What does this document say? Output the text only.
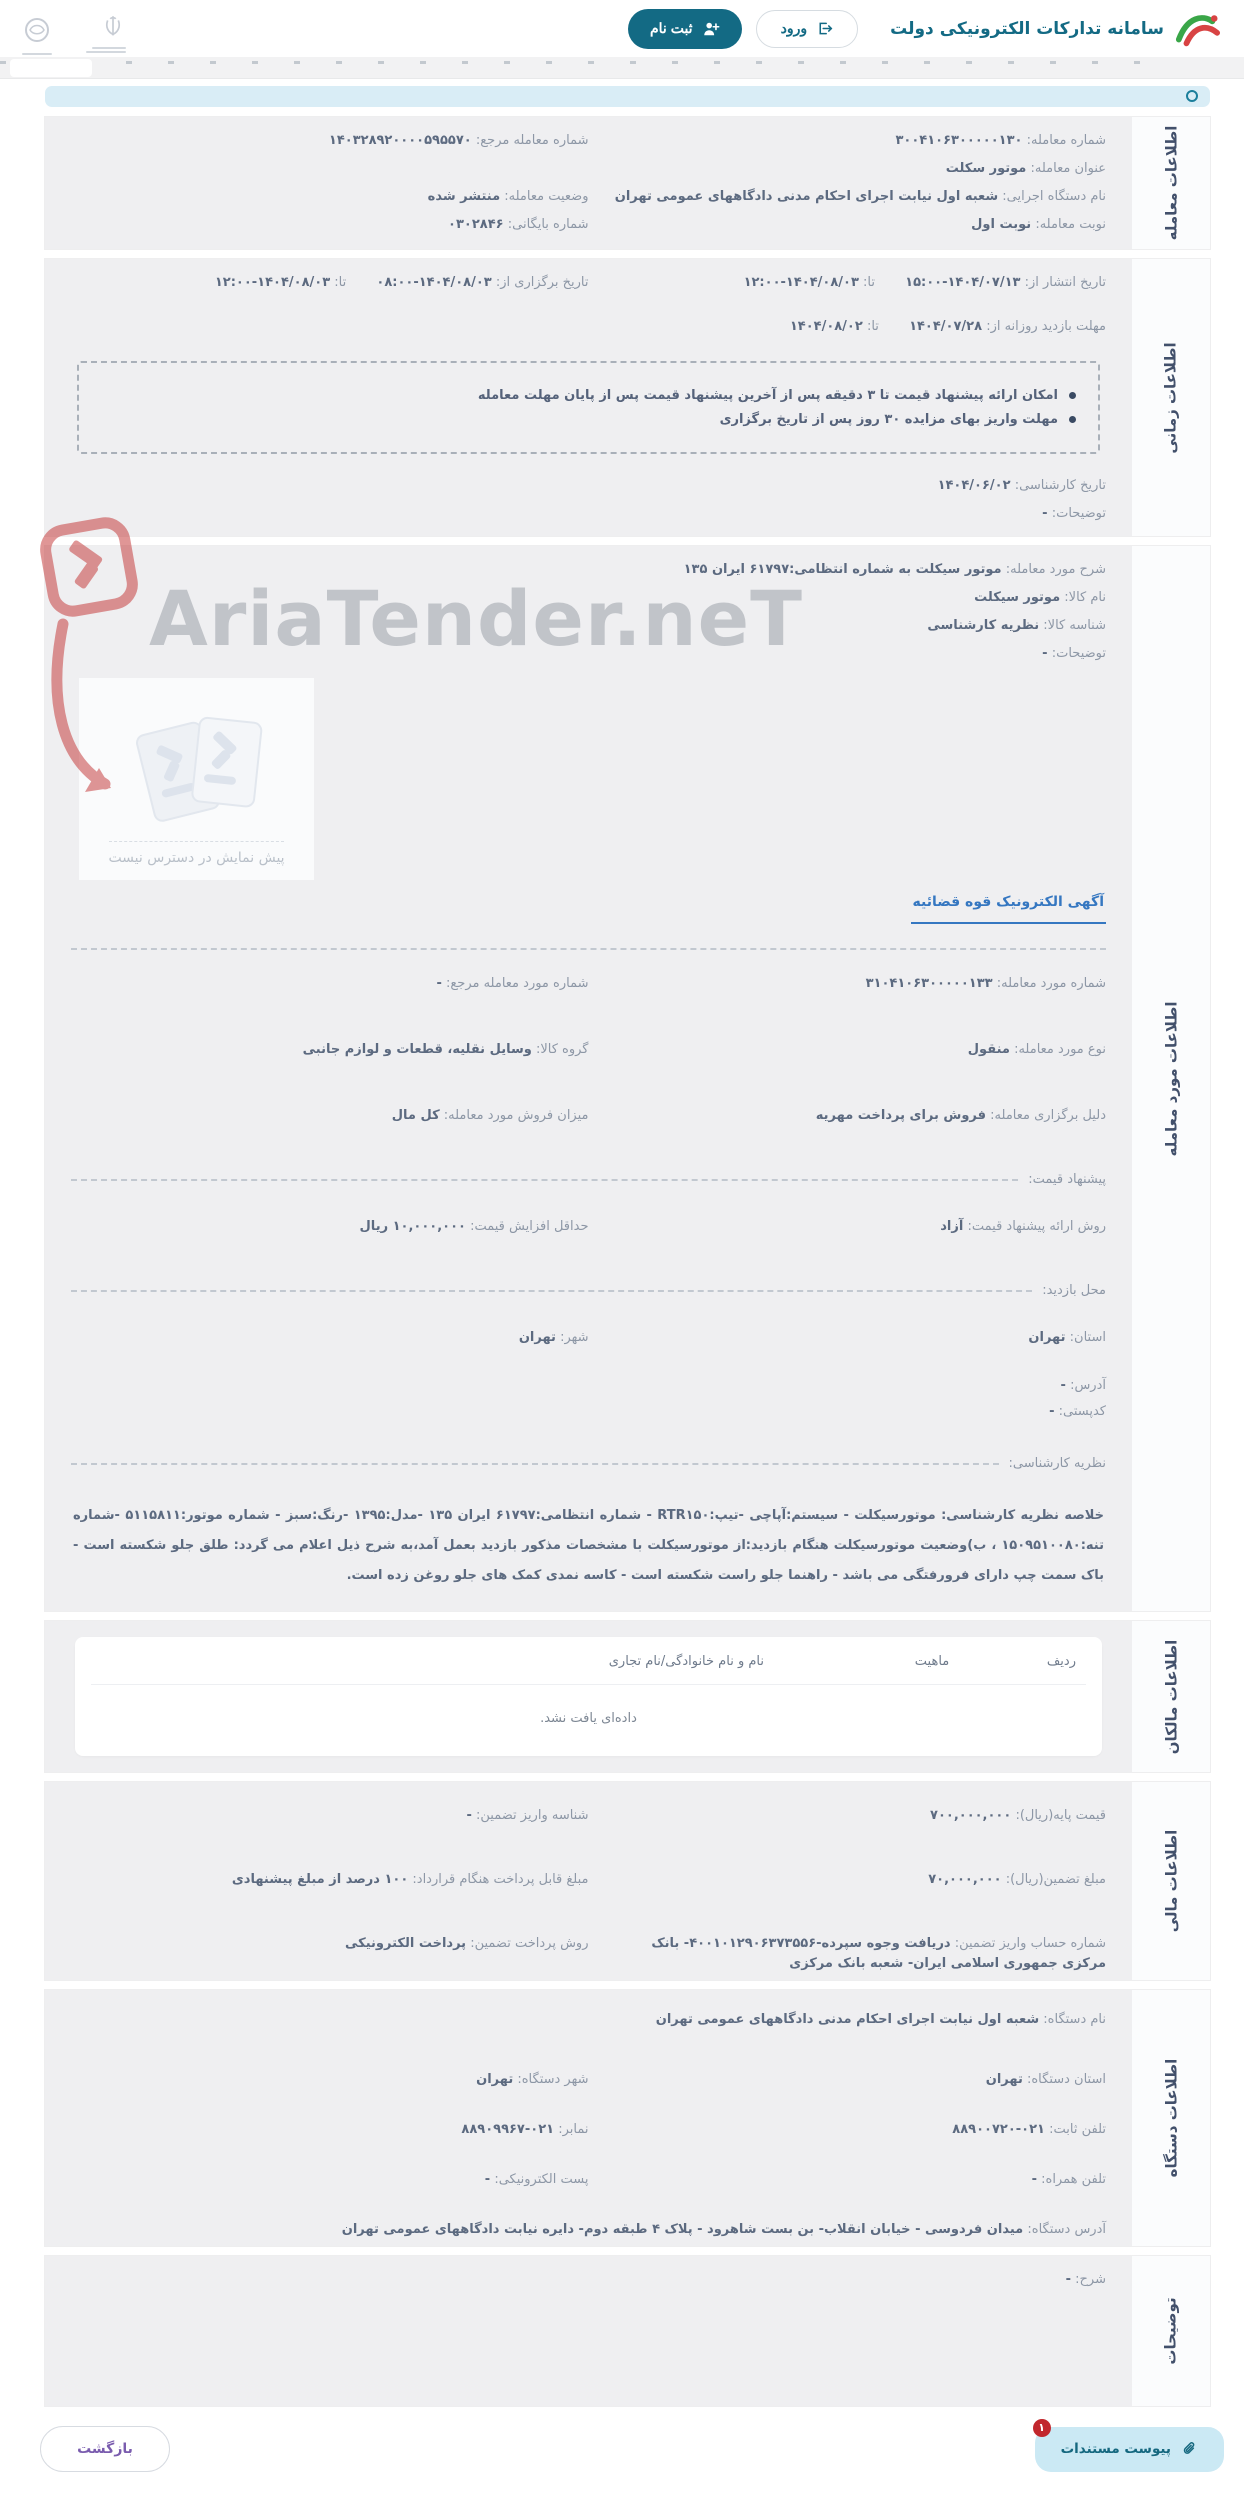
سامانه تدارکات الکترونیکی دولت
ورود
ثبت نام
اطلاعات معامله
شماره معامله: ۳۰۰۴۱۰۶۳۰۰۰۰۰۱۳۰
شماره معامله مرجع: ۱۴۰۳۲۸۹۲۰۰۰۰۵۹۵۵۷۰
عنوان معامله: موتور سکلت
نام دستگاه اجرایی: شعبه اول نیابت اجرای احکام مدنی دادگاههای عمومی تهران
وضعیت معامله: منتشر شده
نوبت معامله: نوبت اول
شماره بایگانی: ۰۳۰۲۸۴۶
اطلاعات زمانی
تاریخ انتشار از: ۱۴۰۴/۰۷/۱۳-۱۵:۰۰ تا: ۱۴۰۴/۰۸/۰۳-۱۲:۰۰
تاریخ برگزاری از: ۱۴۰۴/۰۸/۰۳-۰۸:۰۰ تا: ۱۴۰۴/۰۸/۰۳-۱۲:۰۰
مهلت بازدید روزانه از: ۱۴۰۴/۰۷/۲۸ تا: ۱۴۰۴/۰۸/۰۲
امکان ارائه پیشنهاد قیمت تا ۳ دقیقه پس از آخرین پیشنهاد قیمت پس از پایان مهلت معامله
مهلت واریز بهای مزایده ۳۰ روز پس از تاریخ برگزاری
تاریخ کارشناسی: ۱۴۰۴/۰۶/۰۲
توضیحات: -
اطلاعات مورد معامله
AriaTender.neT
شرح مورد معامله: موتور سیکلت به شماره انتظامی:۶۱۷۹۷ ایران ۱۳۵
نام کالا: موتور سیکلت
شناسه کالا: نظریه کارشناسی
توضیحات: -
پیش نمایش در دسترس نیست
آگهی الکترونیک قوه قضائیه
شماره مورد معامله: ۳۱۰۴۱۰۶۳۰۰۰۰۰۱۳۳
شماره مورد معامله مرجع: -
نوع مورد معامله: منقول
گروه کالا: وسایل نقلیه، قطعات و لوازم جانبی
دلیل برگزاری معامله: فروش برای پرداخت مهریه
میزان فروش مورد معامله: کل مال
پیشنهاد قیمت:
روش ارائه پیشنهاد قیمت: آزاد
حداقل افزایش قیمت: ۱۰,۰۰۰,۰۰۰ ریال
محل بازدید:
استان: تهران
شهر: تهران
آدرس: -
کدپستی: -
نظریه کارشناسی:

خلاصه نظریه کارشناسی: موتورسیکلت - سیستم:آپاچی -تیپ:RTR۱۵۰ - شماره انتظامی:۶۱۷۹۷ ایران ۱۳۵ -مدل:۱۳۹۵ -رنگ:سبز - شماره موتور:۵۱۱۵۸۱۱ -شماره تنه:۱۵۰۹۵۱۰۰۸۰ ، ب)وضعیت موتورسیکلت هنگام بازدید:از موتورسیکلت با مشخصات مذکور بازدید بعمل آمد،به شرح ذیل اعلام می گردد: طلق جلو شکسته است - باک سمت چپ دارای فرورفتگی می باشد - راهنما جلو راست شکسته است - کاسه نمدی کمک های جلو روغن زده است.

اطلاعات مالکان
ردیف
ماهیت
نام و نام خانوادگی/نام تجاری
داده‌ای یافت نشد.
اطلاعات مالی
قیمت پایه(ریال): ۷۰۰,۰۰۰,۰۰۰
شناسه واریز تضمین: -
مبلغ تضمین(ریال): ۷۰,۰۰۰,۰۰۰
مبلغ قابل پرداخت هنگام قرارداد: ۱۰۰ درصد از مبلغ پیشنهادی
شماره حساب واریز تضمین: دریافت وجوه سپرده-۴۰۰۱۰۱۲۹۰۶۳۷۳۵۵۶- بانک مرکزی جمهوری اسلامی ایران- شعبه بانک مرکزی
روش پرداخت تضمین: پرداخت الکترونیکی
اطلاعات دستگاه
نام دستگاه: شعبه اول نیابت اجرای احکام مدنی دادگاههای عمومی تهران
استان دستگاه: تهران
شهر دستگاه: تهران
تلفن ثابت: ۰۲۱-۸۸۹۰۰۷۲۰
نمابر: ۰۲۱-۸۸۹۰۹۹۶۷
تلفن همراه: -
پست الکترونیکی: -
آدرس دستگاه: میدان فردوسی - خیابان انقلاب- بن بست شاهرود - پلاک ۴ طبقه دوم- دایره نیابت دادگاههای عمومی تهران
توضیحات
شرح: -
۱
پیوست مستندات
بازگشت
